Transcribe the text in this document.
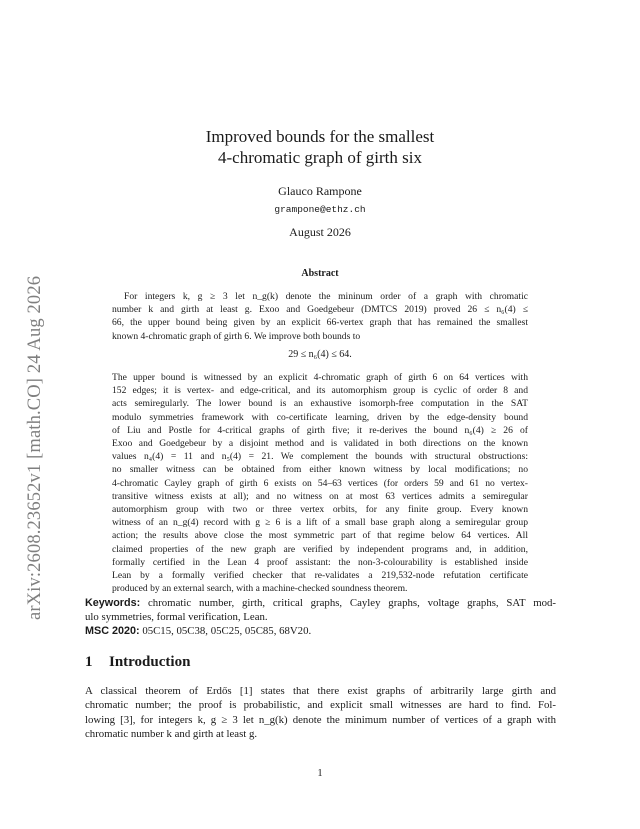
arXiv:2608.23652v1 [math.CO] 24 Aug 2026
Improved bounds for the smallest
4-chromatic graph of girth six
Glauco Rampone
grampone@ethz.ch
August 2026
Abstract
For integers k, g ≥ 3 let n_g(k) denote the mininum order of a graph with chromatic
number k and girth at least g. Exoo and Goedgebeur (DMTCS 2019) proved 26 ≤ n₆(4) ≤
66, the upper bound being given by an explicit 66-vertex graph that has remained the smallest
known 4-chromatic graph of girth 6. We improve both bounds to
29 ≤ n₆(4) ≤ 64.
The upper bound is witnessed by an explicit 4-chromatic graph of girth 6 on 64 vertices with
152 edges; it is vertex- and edge-critical, and its automorphism group is cyclic of order 8 and
acts semiregularly. The lower bound is an exhaustive isomorph-free computation in the SAT
modulo symmetries framework with co-certificate learning, driven by the edge-density bound
of Liu and Postle for 4-critical graphs of girth five; it re-derives the bound n₆(4) ≥ 26 of
Exoo and Goedgebeur by a disjoint method and is validated in both directions on the known
values n₄(4) = 11 and n₅(4) = 21. We complement the bounds with structural obstructions:
no smaller witness can be obtained from either known witness by local modifications; no
4-chromatic Cayley graph of girth 6 exists on 54–63 vertices (for orders 59 and 61 no vertex-
transitive witness exists at all); and no witness on at most 63 vertices admits a semiregular
automorphism group with two or three vertex orbits, for any finite group. Every known
witness of an n_g(4) record with g ≥ 6 is a lift of a small base graph along a semiregular group
action; the results above close the most symmetric part of that regime below 64 vertices. All
claimed properties of the new graph are verified by independent programs and, in addition,
formally certified in the Lean 4 proof assistant: the non-3-colourability is established inside
Lean by a formally verified checker that re-validates a 219,532-node refutation certificate
produced by an external search, with a machine-checked soundness theorem.
Keywords: chromatic number, girth, critical graphs, Cayley graphs, voltage graphs, SAT mod-
ulo symmetries, formal verification, Lean.
MSC 2020: 05C15, 05C38, 05C25, 05C85, 68V20.
1 Introduction
A classical theorem of Erdős [1] states that there exist graphs of arbitrarily large girth and
chromatic number; the proof is probabilistic, and explicit small witnesses are hard to find. Fol-
lowing [3], for integers k, g ≥ 3 let n_g(k) denote the minimum number of vertices of a graph with
chromatic number k and girth at least g.
1
